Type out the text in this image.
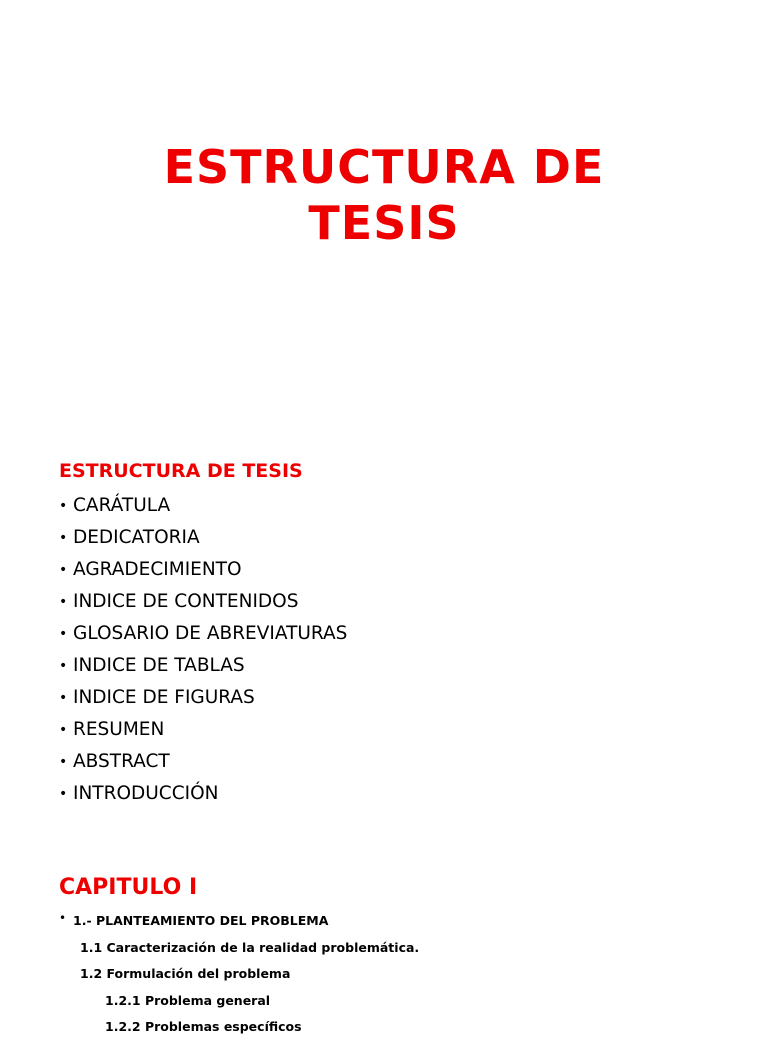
ESTRUCTURA DE
TESIS
ESTRUCTURA DE TESIS
• CARÁTULA
• DEDICATORIA
• AGRADECIMIENTO
• INDICE DE CONTENIDOS
• GLOSARIO DE ABREVIATURAS
• INDICE DE TABLAS
• INDICE DE FIGURAS
• RESUMEN
• ABSTRACT
• INTRODUCCIÓN
CAPITULO I
• 1.- PLANTEAMIENTO DEL PROBLEMA
1.1 Caracterización de la realidad problemática.
1.2 Formulación del problema
1.2.1 Problema general
1.2.2 Problemas específicos
